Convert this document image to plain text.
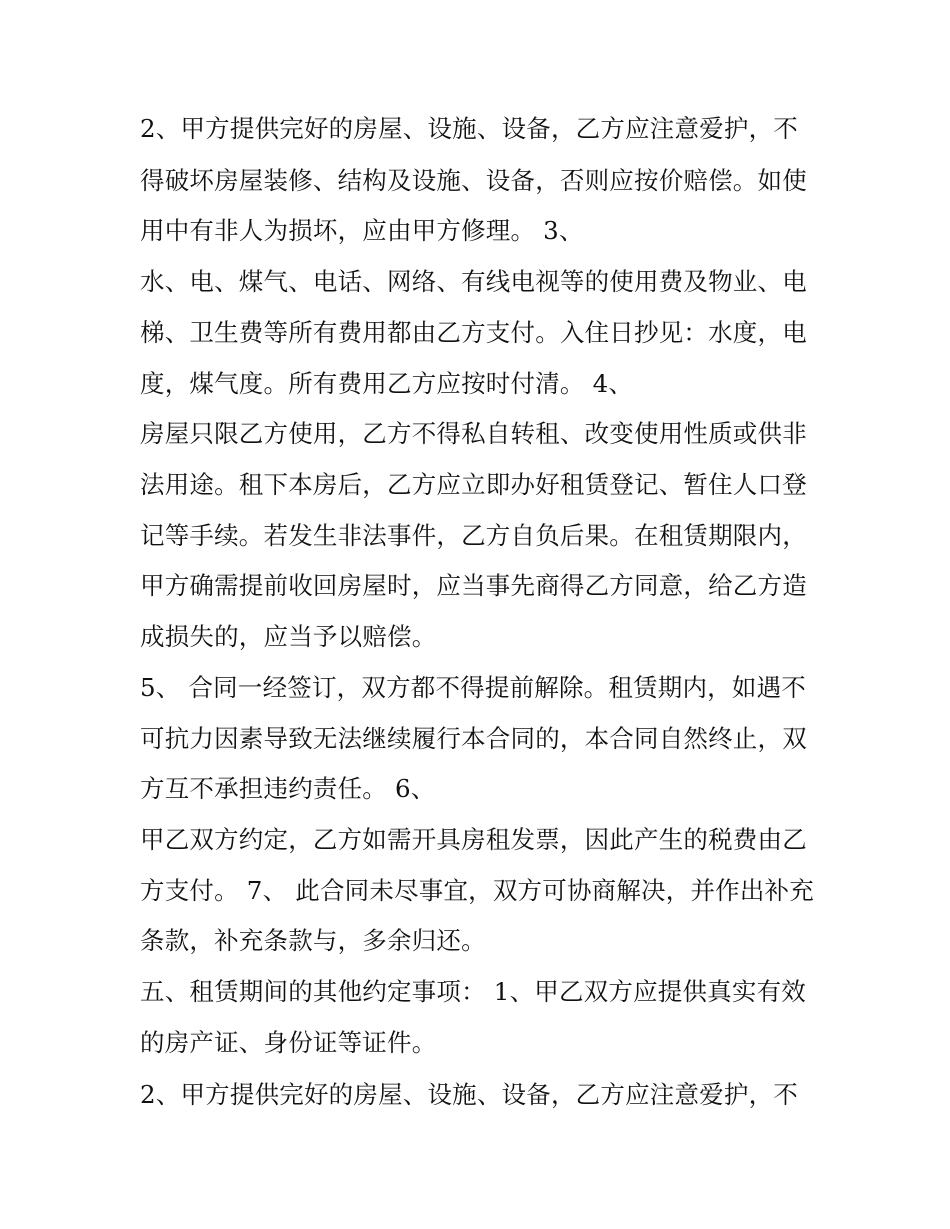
2、甲方提供完好的房屋、设施、设备，乙方应注意爱护，不
得破坏房屋装修、结构及设施、设备，否则应按价赔偿。如使
用中有非人为损坏，应由甲方修理。 3、
水、电、煤气、电话、网络、有线电视等的使用费及物业、电
梯、卫生费等所有费用都由乙方支付。入住日抄见：水度，电
度，煤气度。所有费用乙方应按时付清。 4、
房屋只限乙方使用，乙方不得私自转租、改变使用性质或供非
法用途。租下本房后，乙方应立即办好租赁登记、暂住人口登
记等手续。若发生非法事件，乙方自负后果。在租赁期限内，
甲方确需提前收回房屋时，应当事先商得乙方同意，给乙方造
成损失的，应当予以赔偿。
5、 合同一经签订，双方都不得提前解除。租赁期内，如遇不
可抗力因素导致无法继续履行本合同的，本合同自然终止，双
方互不承担违约责任。 6、
甲乙双方约定，乙方如需开具房租发票，因此产生的税费由乙
方支付。 7、 此合同未尽事宜，双方可协商解决，并作出补充
条款，补充条款与，多余归还。
五、租赁期间的其他约定事项： 1、甲乙双方应提供真实有效
的房产证、身份证等证件。
2、甲方提供完好的房屋、设施、设备，乙方应注意爱护，不
